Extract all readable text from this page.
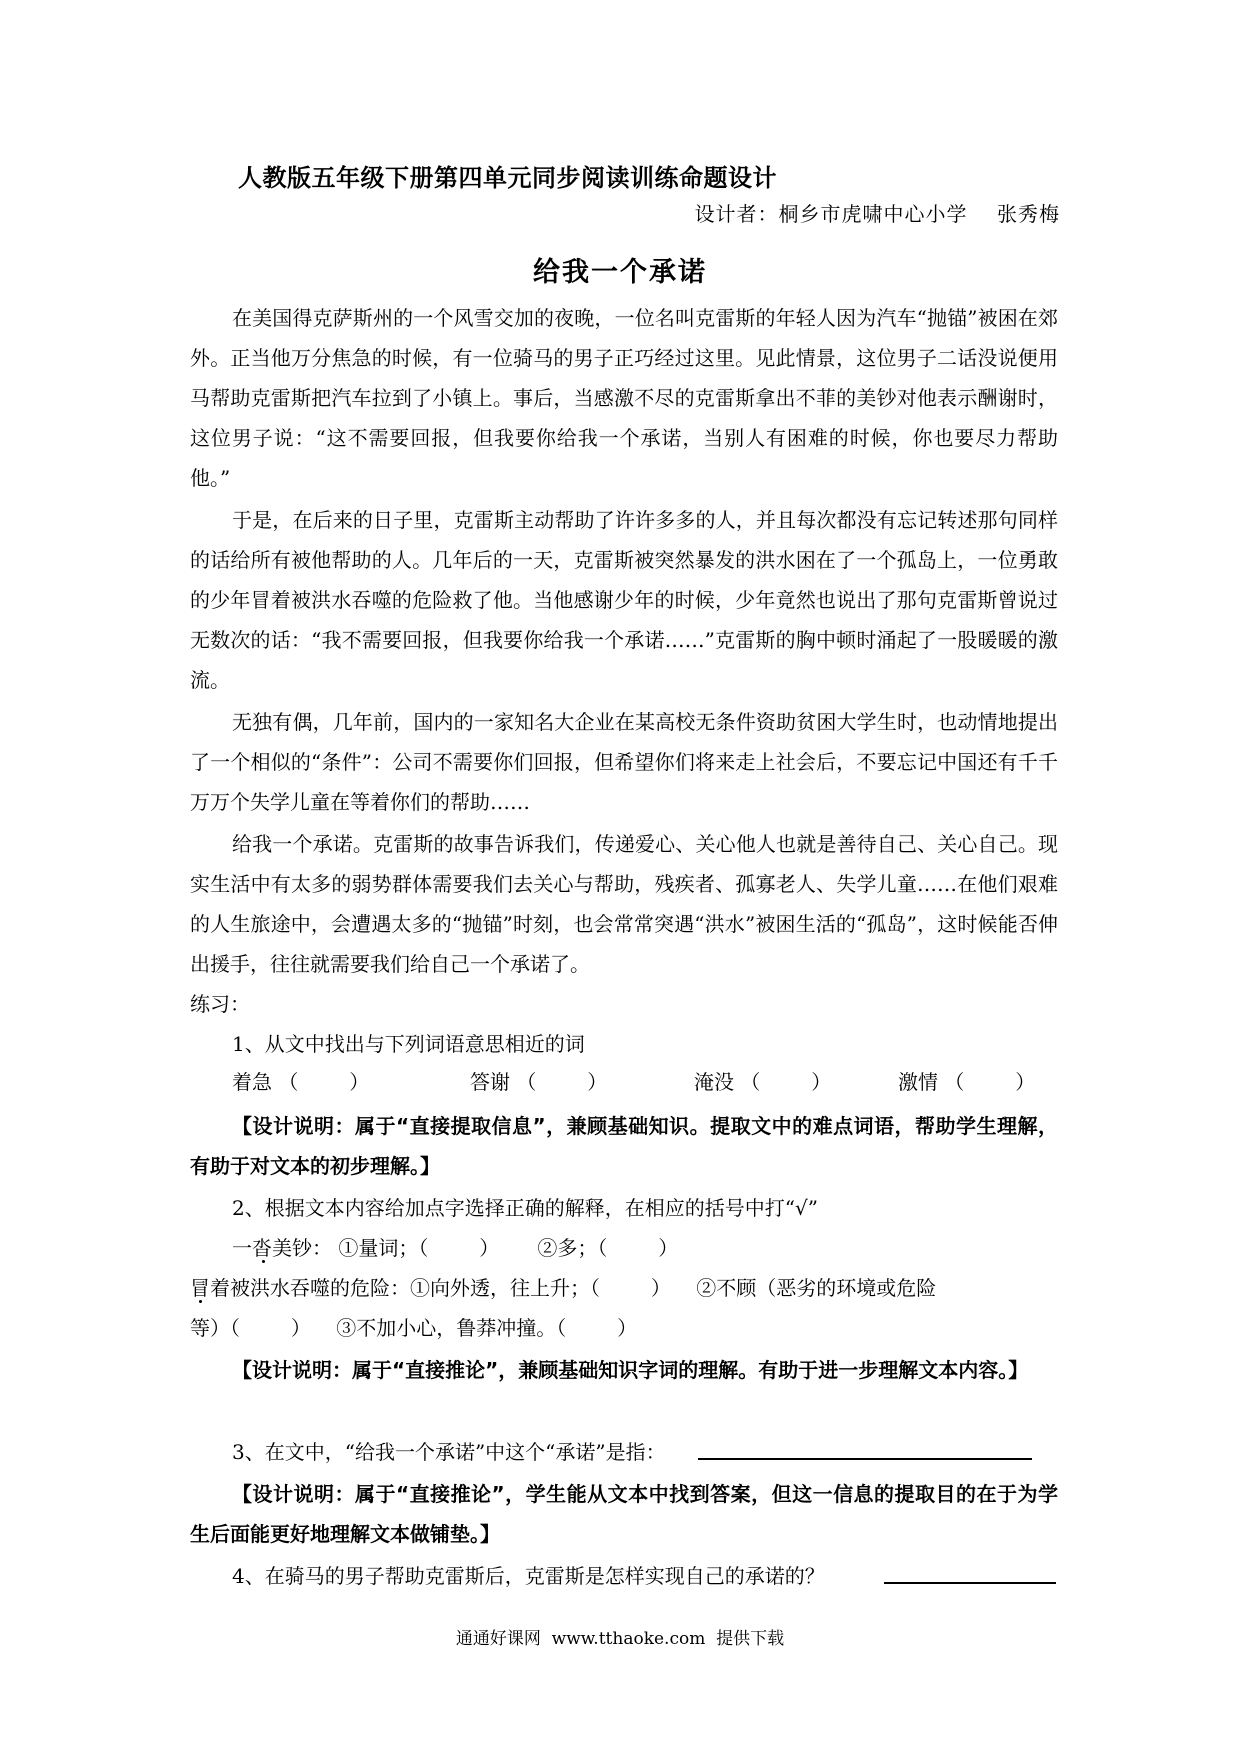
人教版五年级下册第四单元同步阅读训练命题设计
设计者：桐乡市虎啸中心小学    张秀梅
给我一个承诺

在美国得克萨斯州的一个风雪交加的夜晚，一位名叫克雷斯的年轻人因为汽车“抛锚”被困在郊外。正当他万分焦急的时候，有一位骑马的男子正巧经过这里。见此情景，这位男子二话没说便用马帮助克雷斯把汽车拉到了小镇上。事后，当感激不尽的克雷斯拿出不菲的美钞对他表示酬谢时，这位男子说：“这不需要回报，但我要你给我一个承诺，当别人有困难的时候，你也要尽力帮助他。”

于是，在后来的日子里，克雷斯主动帮助了许许多多的人，并且每次都没有忘记转述那句同样的话给所有被他帮助的人。几年后的一天，克雷斯被突然暴发的洪水困在了一个孤岛上，一位勇敢的少年冒着被洪水吞噬的危险救了他。当他感谢少年的时候，少年竟然也说出了那句克雷斯曾说过无数次的话：“我不需要回报，但我要你给我一个承诺……”克雷斯的胸中顿时涌起了一股暖暖的激流。

无独有偶，几年前，国内的一家知名大企业在某高校无条件资助贫困大学生时，也动情地提出了一个相似的“条件”：公司不需要你们回报，但希望你们将来走上社会后，不要忘记中国还有千千万万个失学儿童在等着你们的帮助……

给我一个承诺。克雷斯的故事告诉我们，传递爱心、关心他人也就是善待自己、关心自己。现实生活中有太多的弱势群体需要我们去关心与帮助，残疾者、孤寡老人、失学儿童……在他们艰难的人生旅途中，会遭遇太多的“抛锚”时刻，也会常常突遇“洪水”被困生活的“孤岛”，这时候能否伸出援手，往往就需要我们给自己一个承诺了。

练习：
1、从文中找出与下列词语意思相近的词
着急 （        ）	答谢 （        ）	淹没 （        ）	激情 （        ）
【设计说明：属于“直接提取信息”，兼顾基础知识。提取文中的难点词语，帮助学生理解，有助于对文本的初步理解。】
2、根据文本内容给加点字选择正确的解释，在相应的括号中打“√”
一沓美钞： ①量词；（        ）      ②多；（        ）
冒着被洪水吞噬的危险：①向外透，往上升；（        ）    ②不顾（恶劣的环境或危险
等）（        ）    ③不加小心，鲁莽冲撞。（        ）
【设计说明：属于“直接推论”，兼顾基础知识字词的理解。有助于进一步理解文本内容。】
3、在文中，“给我一个承诺”中这个“承诺”是指：
【设计说明：属于“直接推论”，学生能从文本中找到答案，但这一信息的提取目的在于为学生后面能更好地理解文本做铺垫。】
4、在骑马的男子帮助克雷斯后，克雷斯是怎样实现自己的承诺的？
通通好课网  www.tthaoke.com  提供下载
